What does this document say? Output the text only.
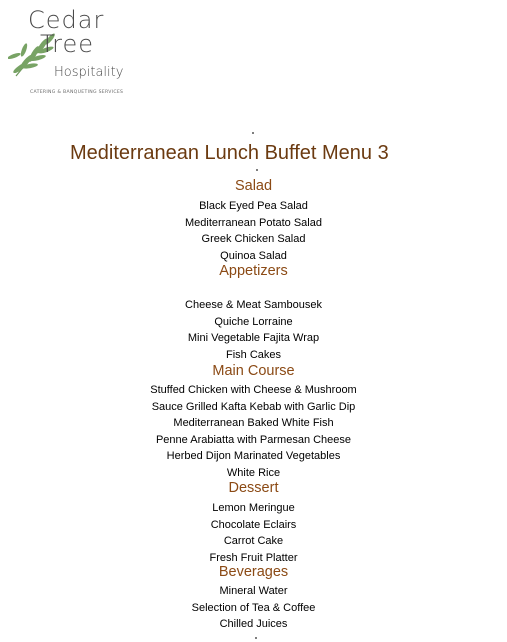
Cedar
Tree
Hospitality
CATERING & BANQUETING SERVICES
Mediterranean Lunch Buffet Menu 3
Salad
Black Eyed Pea Salad
Mediterranean Potato Salad
Greek Chicken Salad
Quinoa Salad
Appetizers
Cheese & Meat Sambousek
Quiche Lorraine
Mini Vegetable Fajita Wrap
Fish Cakes
Main Course
Stuffed Chicken with Cheese & Mushroom
Sauce Grilled Kafta Kebab with Garlic Dip
Mediterranean Baked White Fish
Penne Arabiatta with Parmesan Cheese
Herbed Dijon Marinated Vegetables
White Rice
Dessert
Lemon Meringue
Chocolate Eclairs
Carrot Cake
Fresh Fruit Platter
Beverages
Mineral Water
Selection of Tea & Coffee
Chilled Juices
